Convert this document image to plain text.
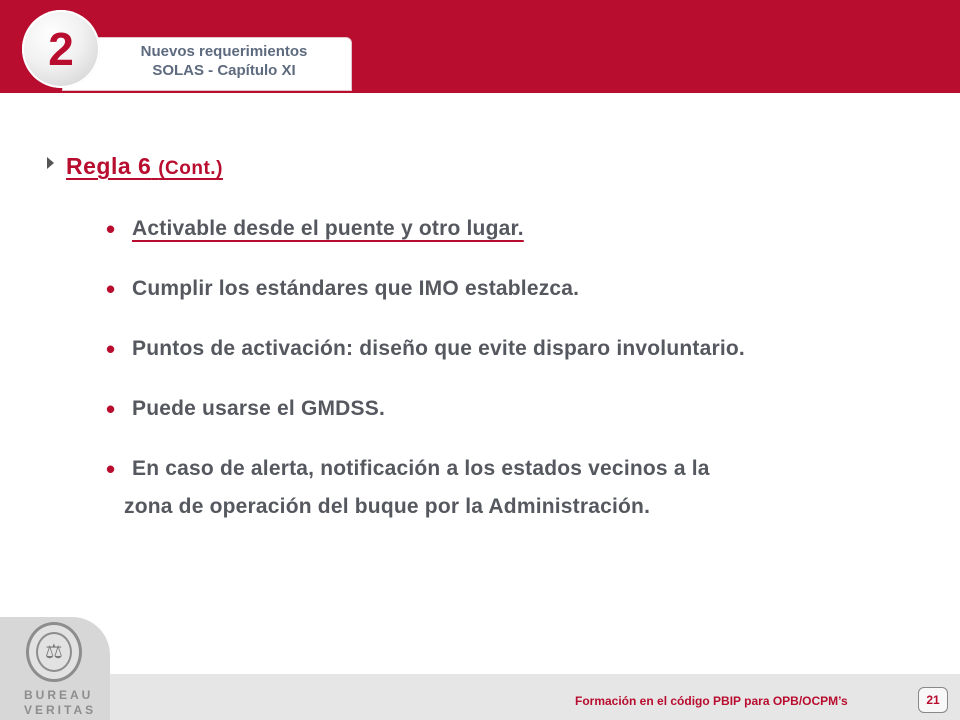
Nuevos requerimientos
SOLAS - Capítulo XI
2
Regla 6 (Cont.)
• Activable desde el puente y otro lugar.
• Cumplir los estándares que IMO establezca.
• Puntos de activación: diseño que evite disparo involuntario.
• Puede usarse el GMDSS.
• En caso de alerta, notificación a los estados vecinos a la
zona de operación del buque por la Administración.
⚖
BUREAU
VERITAS
Formación en el código PBIP para OPB/OCPM’s	21
